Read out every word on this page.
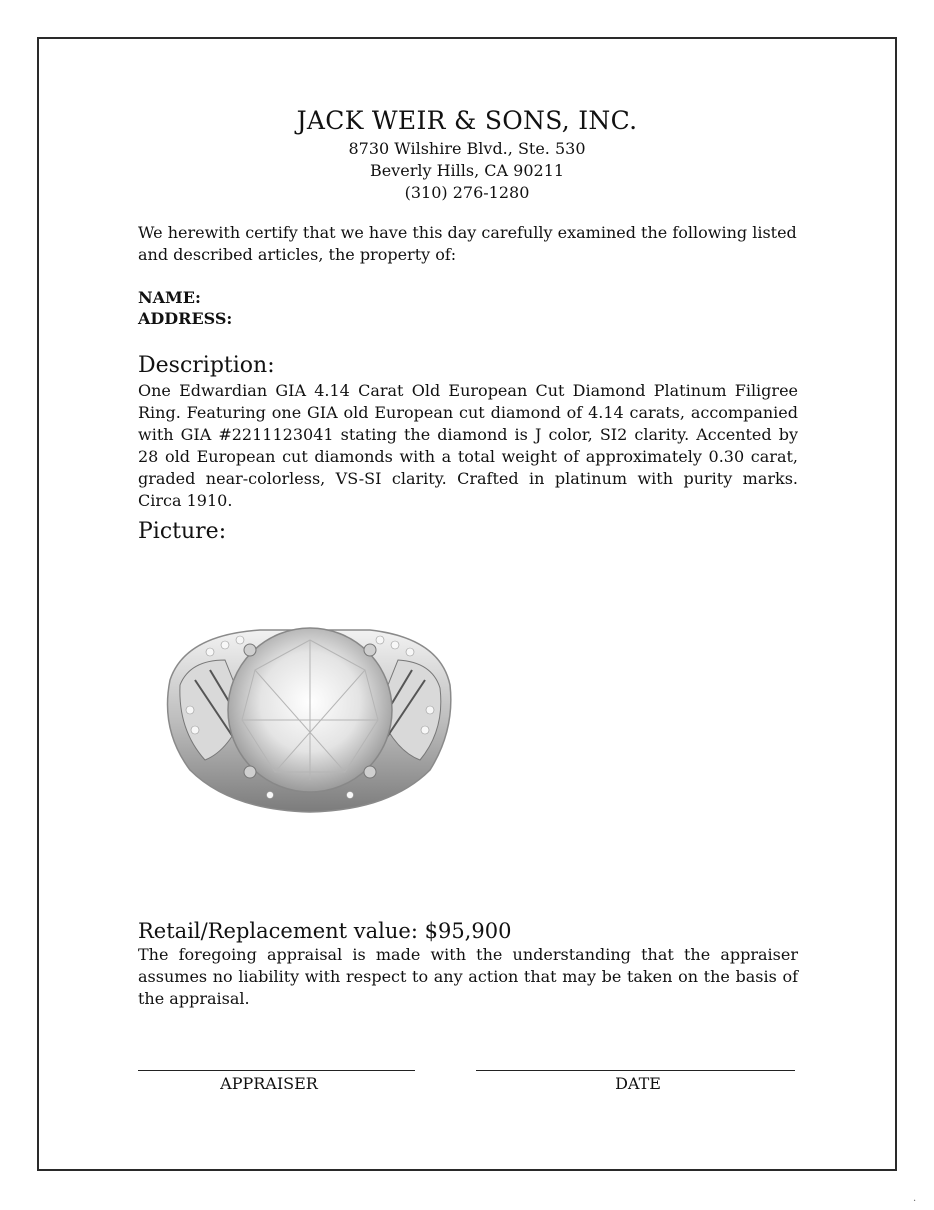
JACK WEIR & SONS, INC.
8730 Wilshire Blvd., Ste. 530
Beverly Hills, CA 90211
(310) 276-1280
We herewith certify that we have this day carefully examined the following listed and described articles, the property of:
NAME:
ADDRESS:
Description:
One Edwardian GIA 4.14 Carat Old European Cut Diamond Platinum Filigree Ring. Featuring one GIA old European cut diamond of 4.14 carats, accompanied with GIA #2211123041 stating the diamond is J color, SI2 clarity. Accented by 28 old European cut diamonds with a total weight of approximately 0.30 carat, graded near-colorless, VS-SI clarity. Crafted in platinum with purity marks. Circa 1910.
Picture:
Retail/Replacement value: $95,900
The foregoing appraisal is made with the understanding that the appraiser assumes no liability with respect to any action that may be taken on the basis of the appraisal.
APPRAISER	DATE
.
